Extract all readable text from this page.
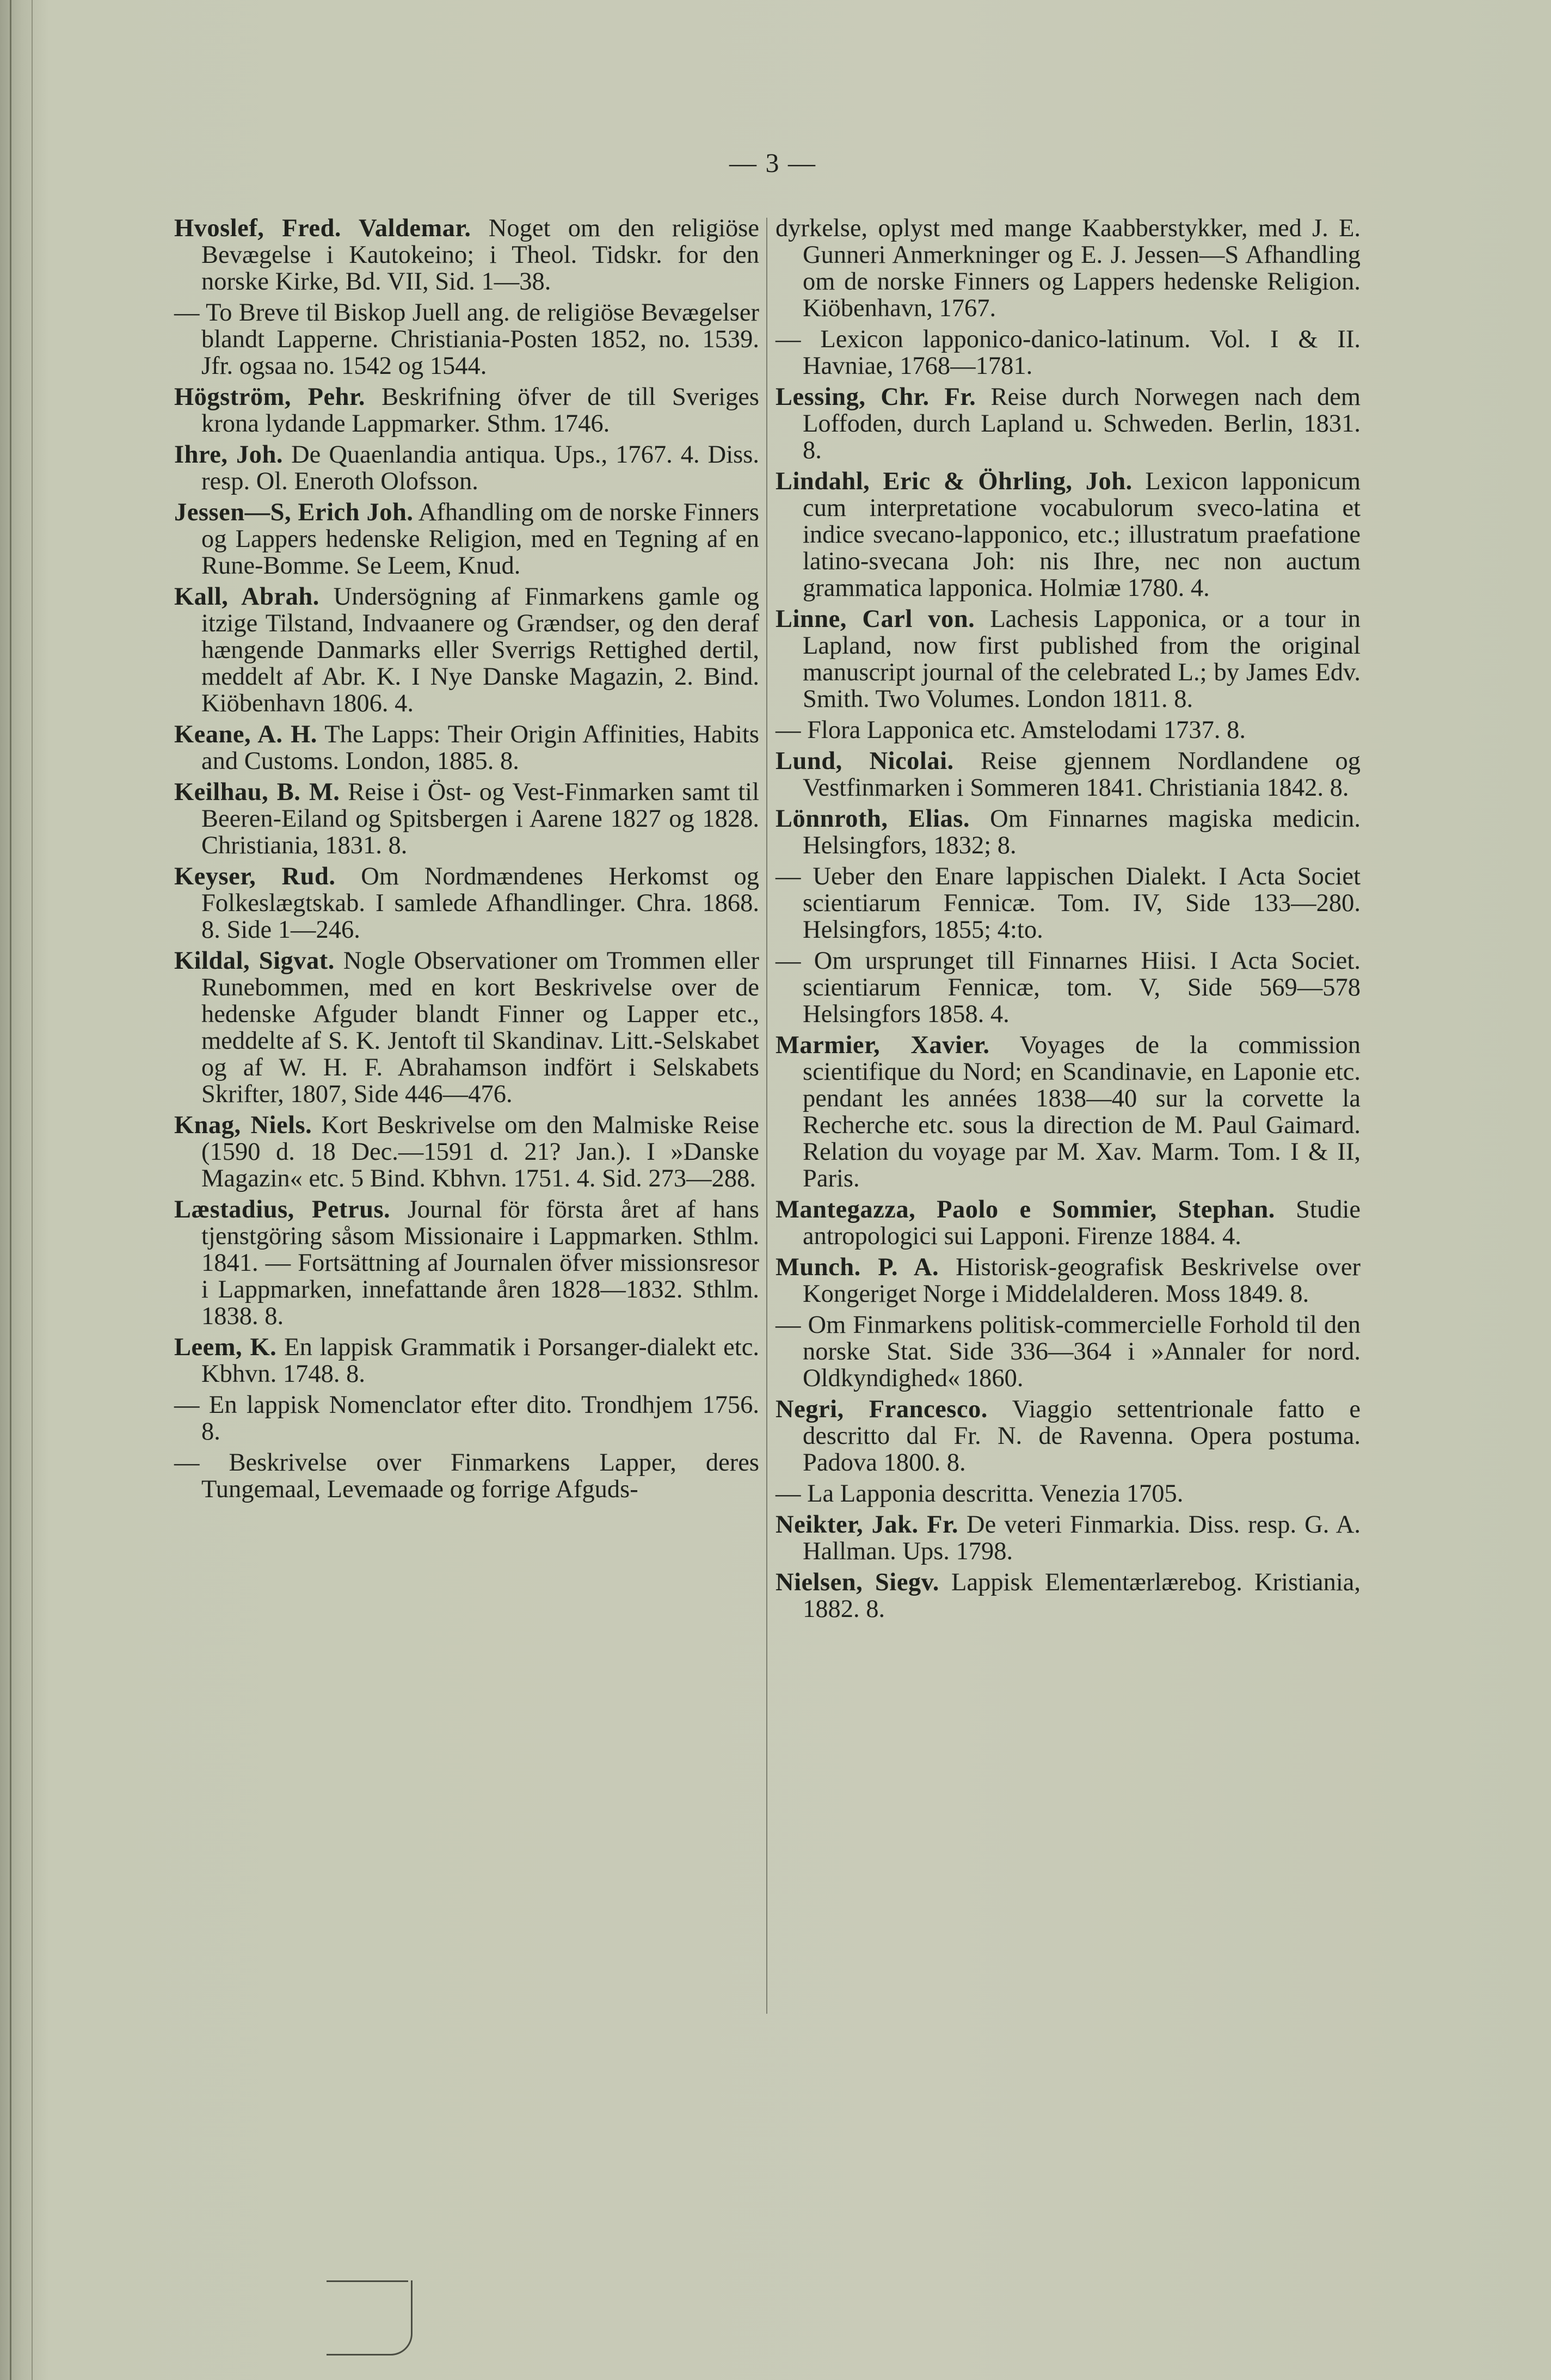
— 3 —

Hvoslef, Fred. Valdemar. Noget om den religiöse Bevægelse i Kautokeino; i Theol. Tidskr. for den norske Kirke, Bd. VII, Sid. 1—38.

— To Breve til Biskop Juell ang. de religiöse Bevægelser blandt Lapperne. Christiania-Posten 1852, no. 1539. Jfr. ogsaa no. 1542 og 1544.

Högström, Pehr. Beskrifning öfver de till Sveriges krona lydande Lappmarker. Sthm. 1746.

Ihre, Joh. De Quaenlandia antiqua. Ups., 1767. 4. Diss. resp. Ol. Eneroth Olofsson.

Jessen—S, Erich Joh. Afhandling om de norske Finners og Lappers hedenske Religion, med en Tegning af en Rune-Bomme. Se Leem, Knud.

Kall, Abrah. Undersögning af Finmarkens gamle og itzige Tilstand, Indvaanere og Grændser, og den deraf hængende Danmarks eller Sverrigs Rettighed dertil, meddelt af Abr. K. I Nye Danske Magazin, 2. Bind. Kiöbenhavn 1806. 4.

Keane, A. H. The Lapps: Their Origin Affinities, Habits and Customs. London, 1885. 8.

Keilhau, B. M. Reise i Öst- og Vest-Finmarken samt til Beeren-Eiland og Spitsbergen i Aarene 1827 og 1828. Christiania, 1831. 8.

Keyser, Rud. Om Nordmændenes Herkomst og Folkeslægtskab. I samlede Afhandlinger. Chra. 1868. 8. Side 1—246.

Kildal, Sigvat. Nogle Observationer om Trommen eller Runebommen, med en kort Beskrivelse over de hedenske Afguder blandt Finner og Lapper etc., meddelte af S. K. Jentoft til Skandinav. Litt.-Selskabet og af W. H. F. Abrahamson indfört i Selskabets Skrifter, 1807, Side 446—476.

Knag, Niels. Kort Beskrivelse om den Malmiske Reise (1590 d. 18 Dec.—1591 d. 21? Jan.). I »Danske Magazin« etc. 5 Bind. Kbhvn. 1751. 4. Sid. 273—288.

Læstadius, Petrus. Journal för första året af hans tjenstgöring såsom Missionaire i Lappmarken. Sthlm. 1841. — Fortsättning af Journalen öfver missionsresor i Lappmarken, innefattande åren 1828—1832. Sthlm. 1838. 8.

Leem, K. En lappisk Grammatik i Porsanger-dialekt etc. Kbhvn. 1748. 8.

— En lappisk Nomenclator efter dito. Trondhjem 1756. 8.

— Beskrivelse over Finmarkens Lapper, deres Tungemaal, Levemaade og forrige Afguds-

dyrkelse, oplyst med mange Kaabberstykker, med J. E. Gunneri Anmerkninger og E. J. Jessen—S Afhandling om de norske Finners og Lappers hedenske Religion. Kiöbenhavn, 1767.

— Lexicon lapponico-danico-latinum. Vol. I & II. Havniae, 1768—1781.

Lessing, Chr. Fr. Reise durch Norwegen nach dem Loffoden, durch Lapland u. Schweden. Berlin, 1831. 8.

Lindahl, Eric & Öhrling, Joh. Lexicon lapponicum cum interpretatione vocabulorum sveco-latina et indice svecano-lapponico, etc.; illustratum praefatione latino-svecana Joh: nis Ihre, nec non auctum grammatica lapponica. Holmiæ 1780. 4.

Linne, Carl von. Lachesis Lapponica, or a tour in Lapland, now first published from the original manuscript journal of the celebrated L.; by James Edv. Smith. Two Volumes. London 1811. 8.

— Flora Lapponica etc. Amstelodami 1737. 8.

Lund, Nicolai. Reise gjennem Nordlandene og Vestfinmarken i Sommeren 1841. Christiania 1842. 8.

Lönnroth, Elias. Om Finnarnes magiska medicin. Helsingfors, 1832; 8.

— Ueber den Enare lappischen Dialekt. I Acta Societ scientiarum Fennicæ. Tom. IV, Side 133—280. Helsingfors, 1855; 4:to.

— Om ursprunget till Finnarnes Hiisi. I Acta Societ. scientiarum Fennicæ, tom. V, Side 569—578 Helsingfors 1858. 4.

Marmier, Xavier. Voyages de la commission scientifique du Nord; en Scandinavie, en Laponie etc. pendant les années 1838—40 sur la corvette la Recherche etc. sous la direction de M. Paul Gaimard. Relation du voyage par M. Xav. Marm. Tom. I & II, Paris.

Mantegazza, Paolo e Sommier, Stephan. Studie antropologici sui Lapponi. Firenze 1884. 4.

Munch. P. A. Historisk-geografisk Beskrivelse over Kongeriget Norge i Middelalderen. Moss 1849. 8.

— Om Finmarkens politisk-commercielle Forhold til den norske Stat. Side 336—364 i »Annaler for nord. Oldkyndighed« 1860.

Negri, Francesco. Viaggio settentrionale fatto e descritto dal Fr. N. de Ravenna. Opera postuma. Padova 1800. 8.

— La Lapponia descritta. Venezia 1705.

Neikter, Jak. Fr. De veteri Finmarkia. Diss. resp. G. A. Hallman. Ups. 1798.

Nielsen, Siegv. Lappisk Elementærlærebog. Kristiania, 1882. 8.
